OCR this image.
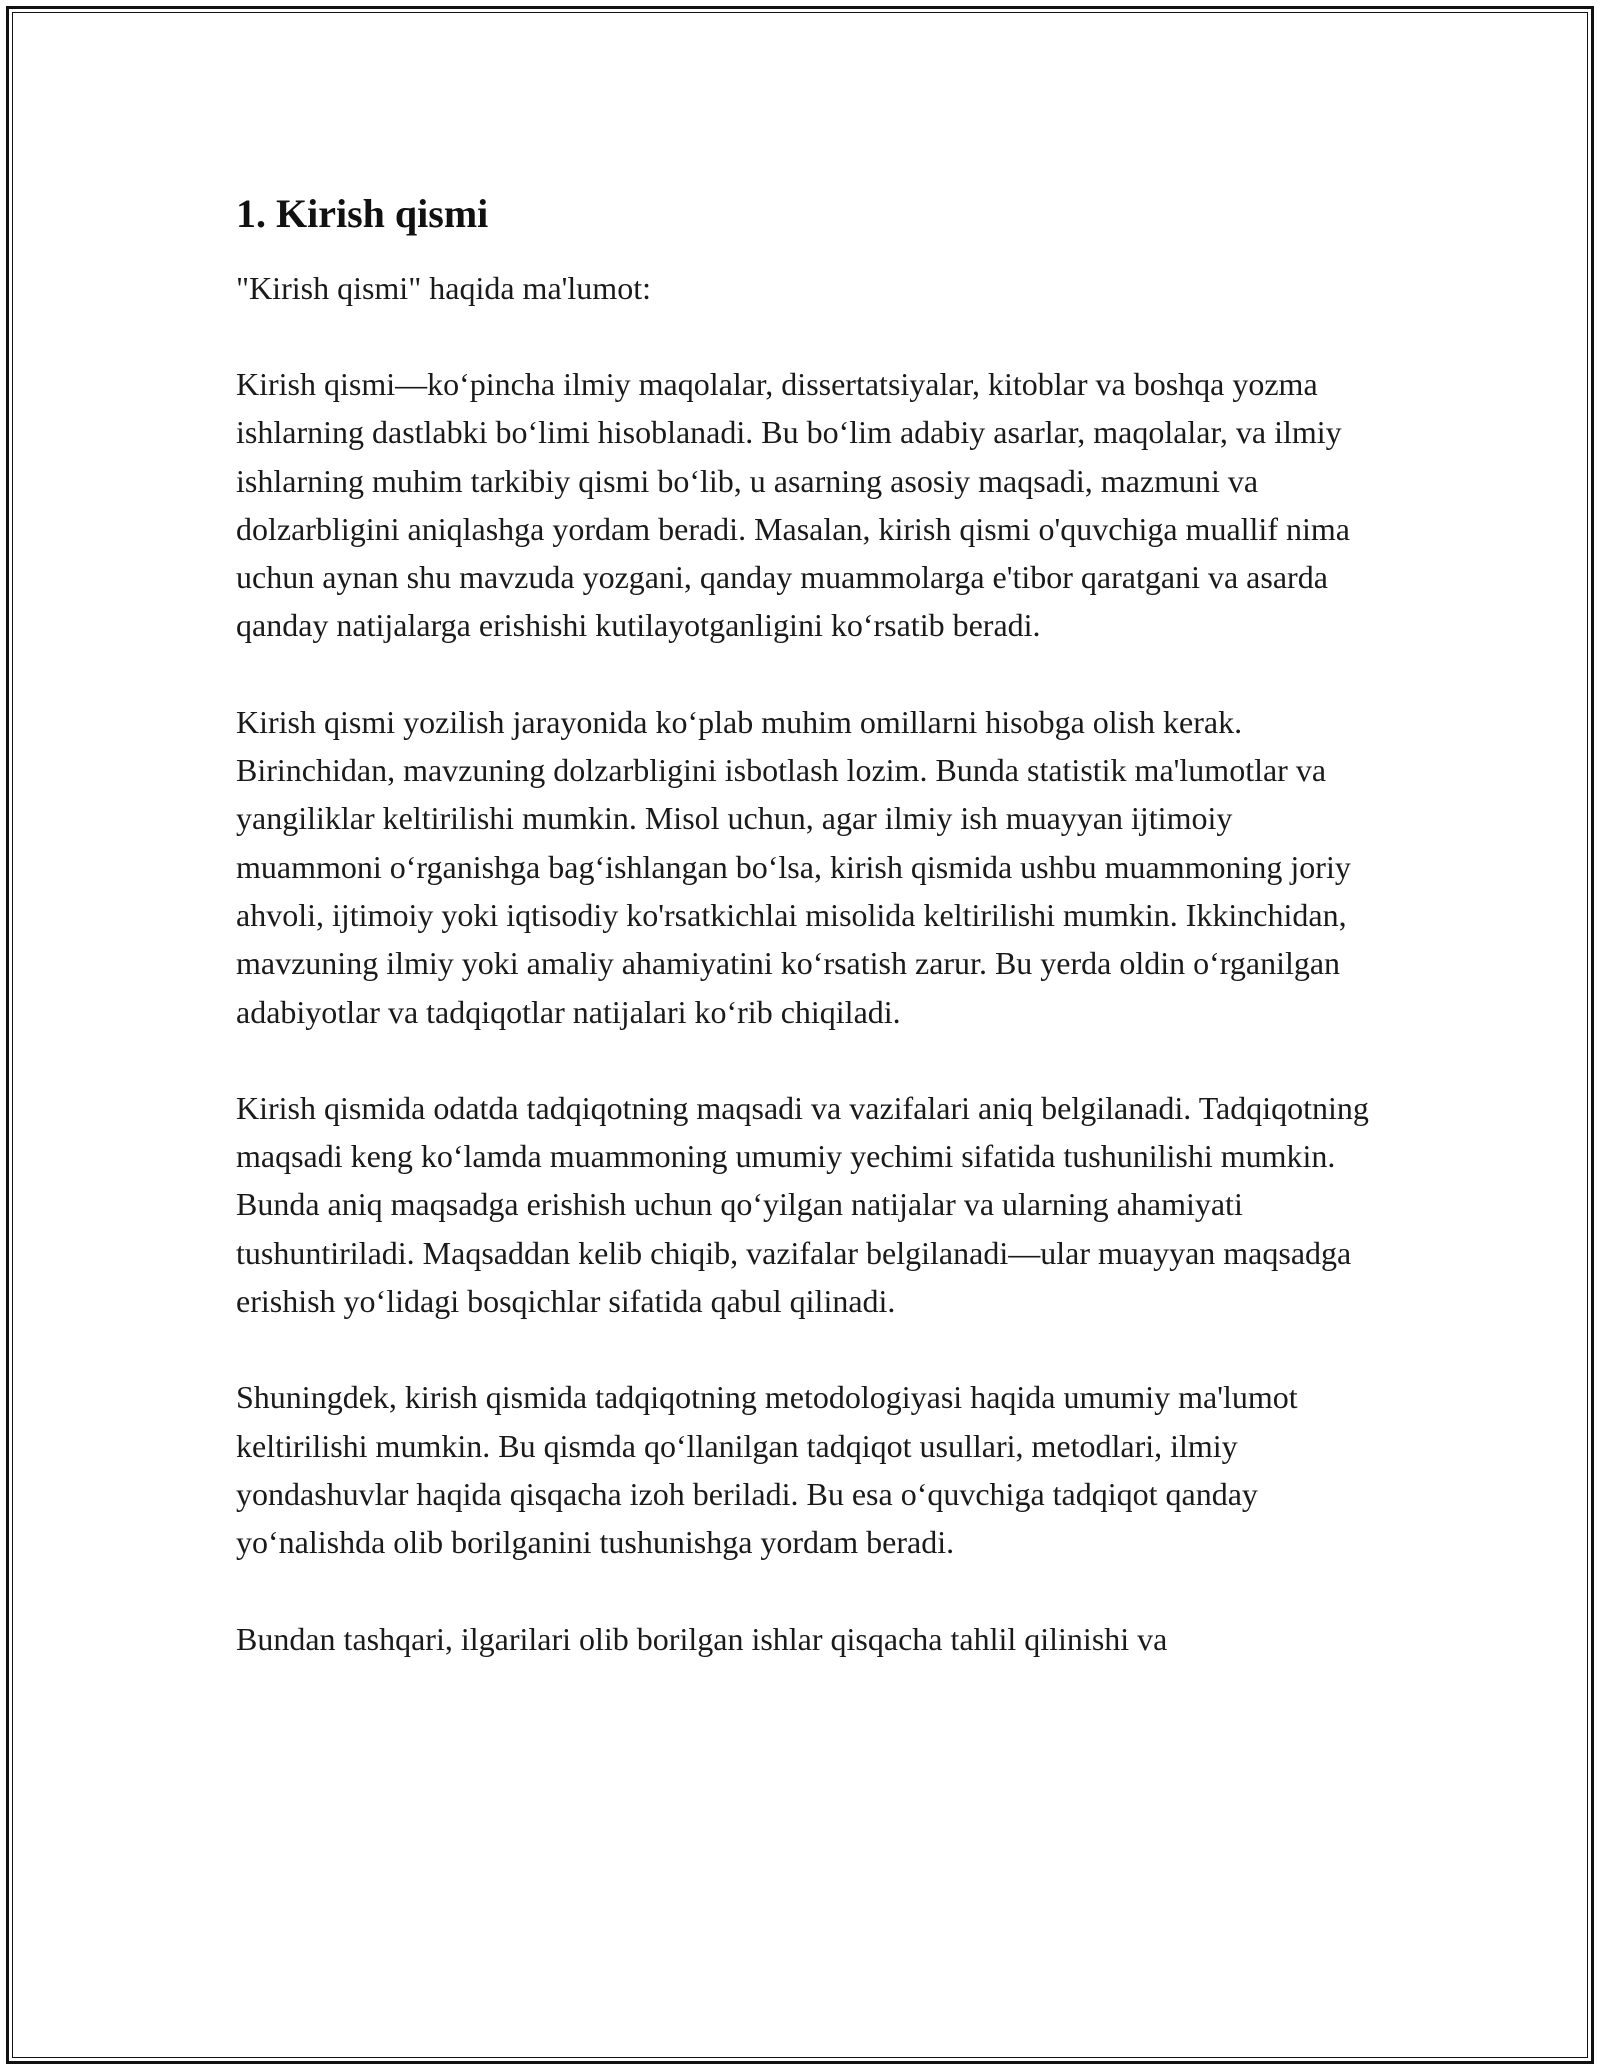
1. Kirish qismi

"Kirish qismi" haqida ma'lumot:

Kirish qismi—ko‘pincha ilmiy maqolalar, dissertatsiyalar, kitoblar va boshqa yozma ishlarning dastlabki bo‘limi hisoblanadi. Bu bo‘lim adabiy asarlar, maqolalar, va ilmiy ishlarning muhim tarkibiy qismi bo‘lib, u asarning asosiy maqsadi, mazmuni va dolzarbligini aniqlashga yordam beradi. Masalan, kirish qismi o'quvchiga muallif nima uchun aynan shu mavzuda yozgani, qanday muammolarga e'tibor qaratgani va asarda qanday natijalarga erishishi kutilayotganligini ko‘rsatib beradi.

Kirish qismi yozilish jarayonida ko‘plab muhim omillarni hisobga olish kerak. Birinchidan, mavzuning dolzarbligini isbotlash lozim. Bunda statistik ma'lumotlar va yangiliklar keltirilishi mumkin. Misol uchun, agar ilmiy ish muayyan ijtimoiy muammoni o‘rganishga bag‘ishlangan bo‘lsa, kirish qismida ushbu muammoning joriy ahvoli, ijtimoiy yoki iqtisodiy ko'rsatkichlai misolida keltirilishi mumkin. Ikkinchidan, mavzuning ilmiy yoki amaliy ahamiyatini ko‘rsatish zarur. Bu yerda oldin o‘rganilgan adabiyotlar va tadqiqotlar natijalari ko‘rib chiqiladi.

Kirish qismida odatda tadqiqotning maqsadi va vazifalari aniq belgilanadi. Tadqiqotning maqsadi keng ko‘lamda muammoning umumiy yechimi sifatida tushunilishi mumkin. Bunda aniq maqsadga erishish uchun qo‘yilgan natijalar va ularning ahamiyati tushuntiriladi. Maqsaddan kelib chiqib, vazifalar belgilanadi—ular muayyan maqsadga erishish yo‘lidagi bosqichlar sifatida qabul qilinadi.

Shuningdek, kirish qismida tadqiqotning metodologiyasi haqida umumiy ma'lumot keltirilishi mumkin. Bu qismda qo‘llanilgan tadqiqot usullari, metodlari, ilmiy yondashuvlar haqida qisqacha izoh beriladi. Bu esa o‘quvchiga tadqiqot qanday yo‘nalishda olib borilganini tushunishga yordam beradi.

Bundan tashqari, ilgarilari olib borilgan ishlar qisqacha tahlil qilinishi va
